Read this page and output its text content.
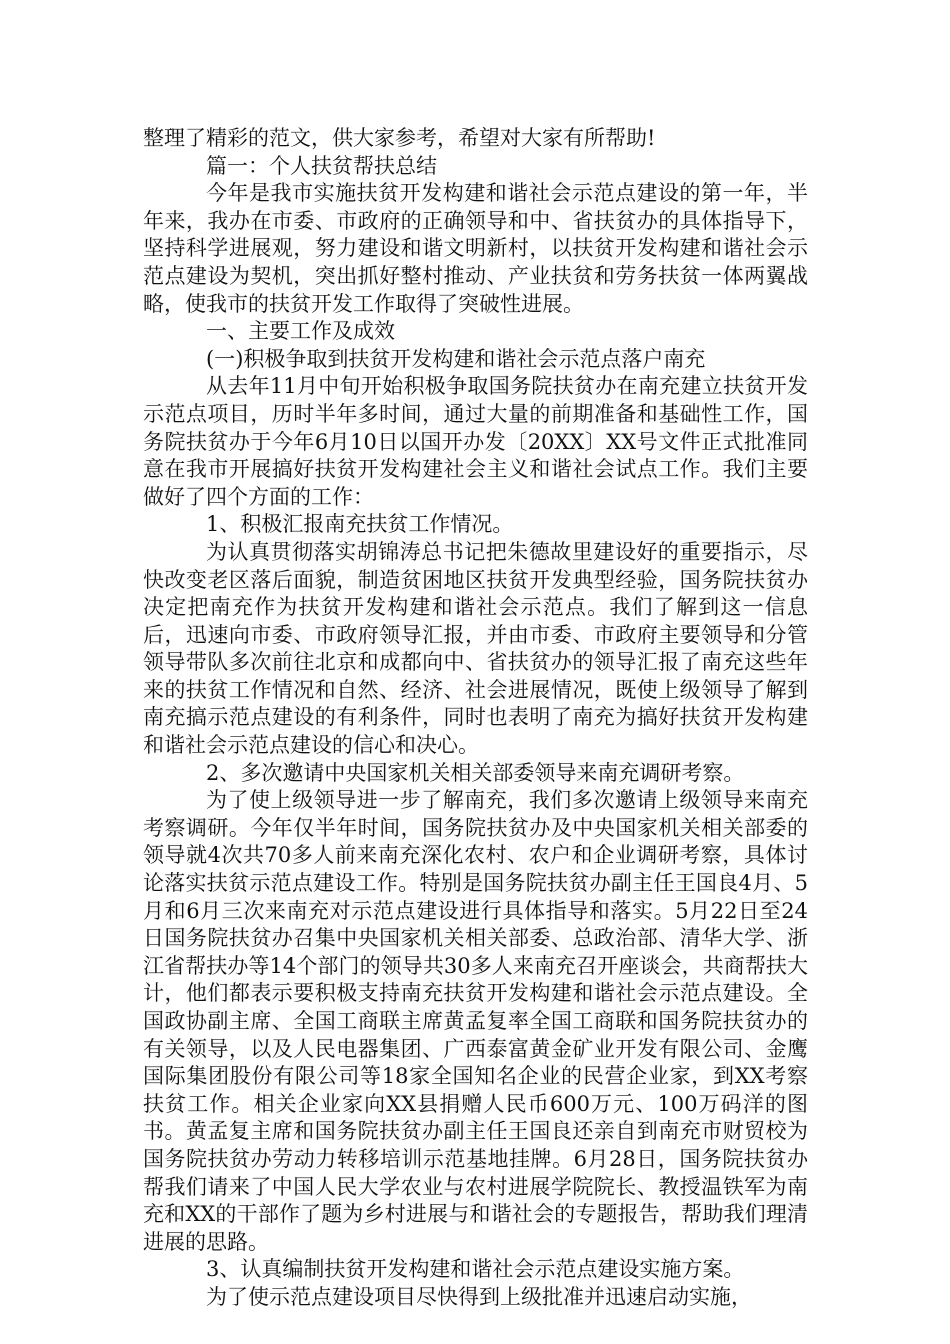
整理了精彩的范文，供大家参考，希望对大家有所帮助!

篇一：个人扶贫帮扶总结

今年是我市实施扶贫开发构建和谐社会示范点建设的第一年，半年来，我办在市委、市政府的正确领导和中、省扶贫办的具体指导下，坚持科学进展观，努力建设和谐文明新村，以扶贫开发构建和谐社会示范点建设为契机，突出抓好整村推动、产业扶贫和劳务扶贫一体两翼战略，使我市的扶贫开发工作取得了突破性进展。

一、主要工作及成效

(一)积极争取到扶贫开发构建和谐社会示范点落户南充

从去年11月中旬开始积极争取国务院扶贫办在南充建立扶贫开发示范点项目，历时半年多时间，通过大量的前期准备和基础性工作，国务院扶贫办于今年6月10日以国开办发〔20XX〕XX号文件正式批准同意在我市开展搞好扶贫开发构建社会主义和谐社会试点工作。我们主要做好了四个方面的工作：

1、积极汇报南充扶贫工作情况。

为认真贯彻落实胡锦涛总书记把朱德故里建设好的重要指示，尽快改变老区落后面貌，制造贫困地区扶贫开发典型经验，国务院扶贫办决定把南充作为扶贫开发构建和谐社会示范点。我们了解到这一信息后，迅速向市委、市政府领导汇报，并由市委、市政府主要领导和分管领导带队多次前往北京和成都向中、省扶贫办的领导汇报了南充这些年来的扶贫工作情况和自然、经济、社会进展情况，既使上级领导了解到南充搞示范点建设的有利条件，同时也表明了南充为搞好扶贫开发构建和谐社会示范点建设的信心和决心。

2、多次邀请中央国家机关相关部委领导来南充调研考察。

为了使上级领导进一步了解南充，我们多次邀请上级领导来南充考察调研。今年仅半年时间，国务院扶贫办及中央国家机关相关部委的领导就4次共70多人前来南充深化农村、农户和企业调研考察，具体讨论落实扶贫示范点建设工作。特别是国务院扶贫办副主任王国良4月、5月和6月三次来南充对示范点建设进行具体指导和落实。5月22日至24日国务院扶贫办召集中央国家机关相关部委、总政治部、清华大学、浙江省帮扶办等14个部门的领导共30多人来南充召开座谈会，共商帮扶大计，他们都表示要积极支持南充扶贫开发构建和谐社会示范点建设。全国政协副主席、全国工商联主席黄孟复率全国工商联和国务院扶贫办的有关领导，以及人民电器集团、广西泰富黄金矿业开发有限公司、金鹰国际集团股份有限公司等18家全国知名企业的民营企业家，到XX考察扶贫工作。相关企业家向XX县捐赠人民币600万元、100万码洋的图书。黄孟复主席和国务院扶贫办副主任王国良还亲自到南充市财贸校为国务院扶贫办劳动力转移培训示范基地挂牌。6月28日，国务院扶贫办帮我们请来了中国人民大学农业与农村进展学院院长、教授温铁军为南充和XX的干部作了题为乡村进展与和谐社会的专题报告，帮助我们理清进展的思路。

3、认真编制扶贫开发构建和谐社会示范点建设实施方案。

为了使示范点建设项目尽快得到上级批准并迅速启动实施，
